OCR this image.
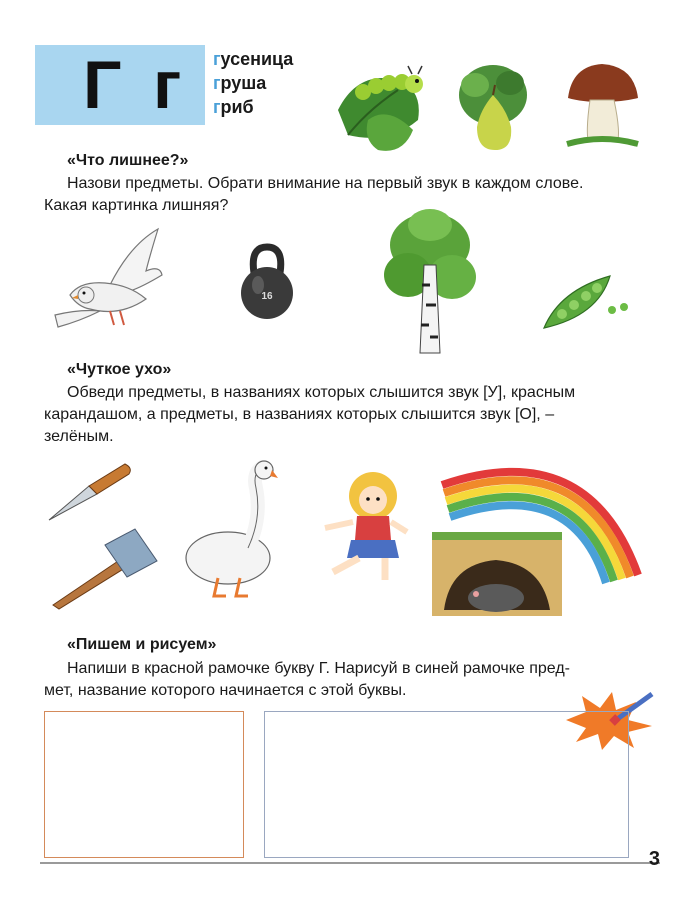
Г г гусеница
груша
гриб
«Что лишнее?»
Назови предметы. Обрати внимание на первый звук в каждом слове.
Какая картинка лишняя?
16
«Чуткое ухо»
Обведи предметы, в названиях которых слышится звук [У], красным
карандашом, а предметы, в названиях которых слышится звук [О], –
зелёным.
«Пишем и рисуем»
Напиши в красной рамочке букву Г. Нарисуй в синей рамочке пред-
мет, название которого начинается с этой буквы.
3
